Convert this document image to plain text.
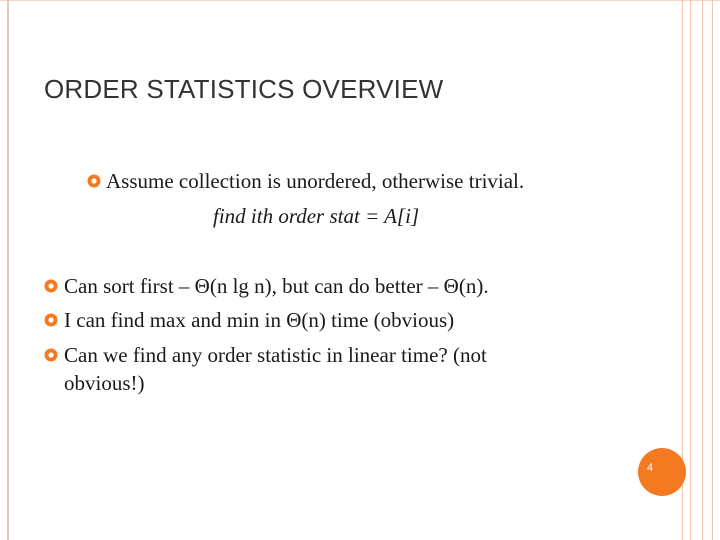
ORDER STATISTICS OVERVIEW
Assume collection is unordered, otherwise trivial.
find ith order stat = A[i]
Can sort first – Θ(n lg n), but can do better – Θ(n).
I can find max and min in Θ(n) time (obvious)
Can we find any order statistic in linear time? (not
obvious!)
4
